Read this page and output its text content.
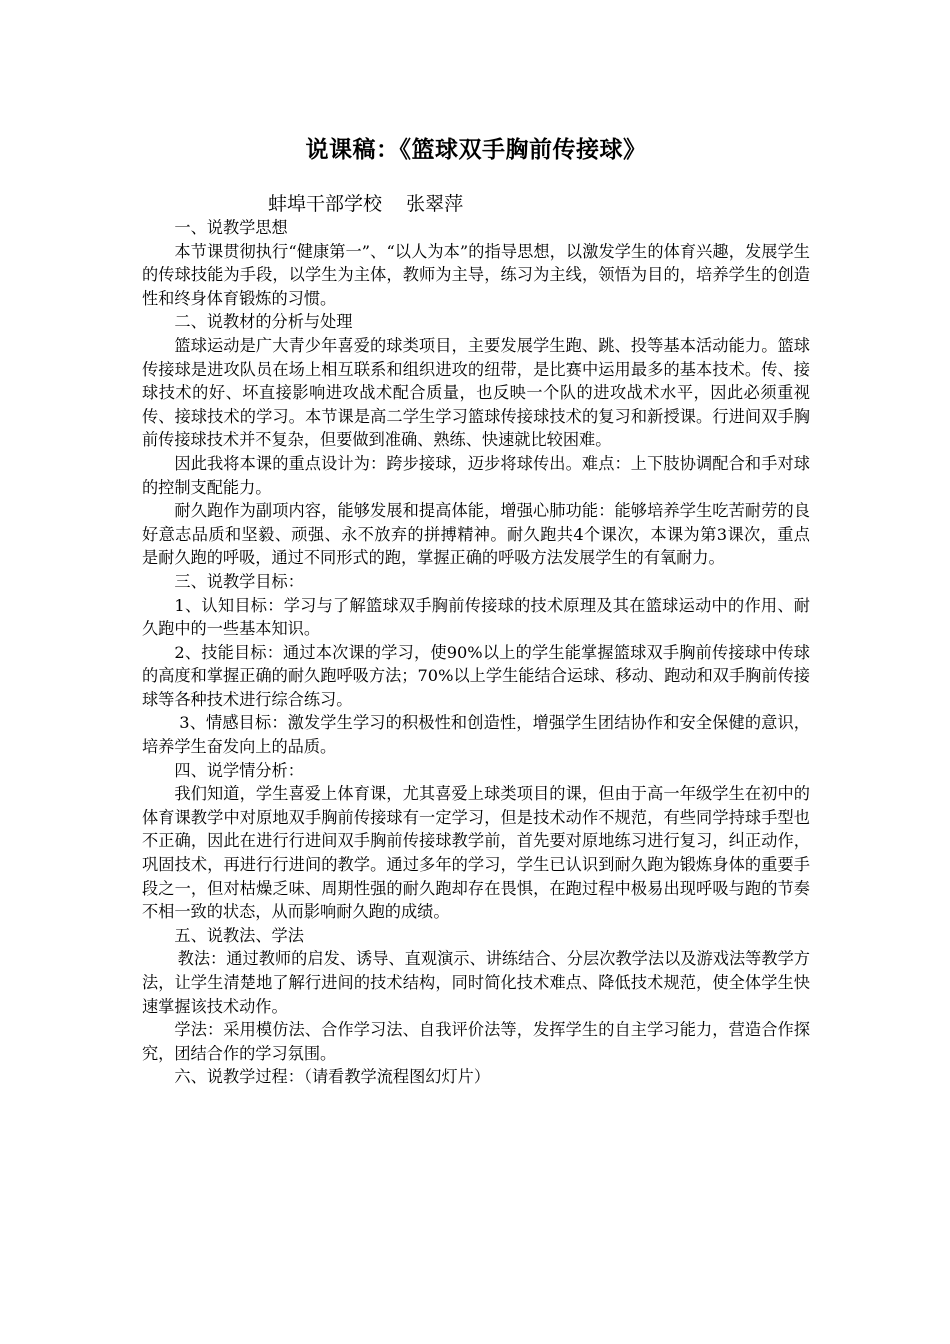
说课稿：《篮球双手胸前传接球》
蚌埠干部学校    张翠萍
一、说教学思想

本节课贯彻执行“健康第一”、“以人为本”的指导思想，以激发学生的体育兴趣，发展学生的传球技能为手段，以学生为主体，教师为主导，练习为主线，领悟为目的，培养学生的创造性和终身体育锻炼的习惯。

二、说教材的分析与处理

篮球运动是广大青少年喜爱的球类项目，主要发展学生跑、跳、投等基本活动能力。篮球传接球是进攻队员在场上相互联系和组织进攻的纽带，是比赛中运用最多的基本技术。传、接球技术的好、坏直接影响进攻战术配合质量，也反映一个队的进攻战术水平，因此必须重视传、接球技术的学习。本节课是高二学生学习篮球传接球技术的复习和新授课。行进间双手胸前传接球技术并不复杂，但要做到准确、熟练、快速就比较困难。

因此我将本课的重点设计为：跨步接球，迈步将球传出。难点：上下肢协调配合和手对球的控制支配能力。

耐久跑作为副项内容，能够发展和提高体能，增强心肺功能：能够培养学生吃苦耐劳的良好意志品质和坚毅、顽强、永不放弃的拼搏精神。耐久跑共4个课次，本课为第3课次，重点是耐久跑的呼吸，通过不同形式的跑，掌握正确的呼吸方法发展学生的有氧耐力。

三、说教学目标：

1、认知目标：学习与了解篮球双手胸前传接球的技术原理及其在篮球运动中的作用、耐久跑中的一些基本知识。

2、技能目标：通过本次课的学习，使90%以上的学生能掌握篮球双手胸前传接球中传球的高度和掌握正确的耐久跑呼吸方法；70%以上学生能结合运球、移动、跑动和双手胸前传接球等各种技术进行综合练习。

3、情感目标：激发学生学习的积极性和创造性，增强学生团结协作和安全保健的意识，培养学生奋发向上的品质。

四、说学情分析：

我们知道，学生喜爱上体育课，尤其喜爱上球类项目的课，但由于高一年级学生在初中的体育课教学中对原地双手胸前传接球有一定学习，但是技术动作不规范，有些同学持球手型也不正确，因此在进行行进间双手胸前传接球教学前，首先要对原地练习进行复习，纠正动作，巩固技术，再进行行进间的教学。通过多年的学习，学生已认识到耐久跑为锻炼身体的重要手段之一，但对枯燥乏味、周期性强的耐久跑却存在畏惧，在跑过程中极易出现呼吸与跑的节奏不相一致的状态，从而影响耐久跑的成绩。

五、说教法、学法

教法：通过教师的启发、诱导、直观演示、讲练结合、分层次教学法以及游戏法等教学方法，让学生清楚地了解行进间的技术结构，同时简化技术难点、降低技术规范，使全体学生快速掌握该技术动作。

学法：采用模仿法、合作学习法、自我评价法等，发挥学生的自主学习能力，营造合作探究，团结合作的学习氛围。

六、说教学过程：（请看教学流程图幻灯片）
